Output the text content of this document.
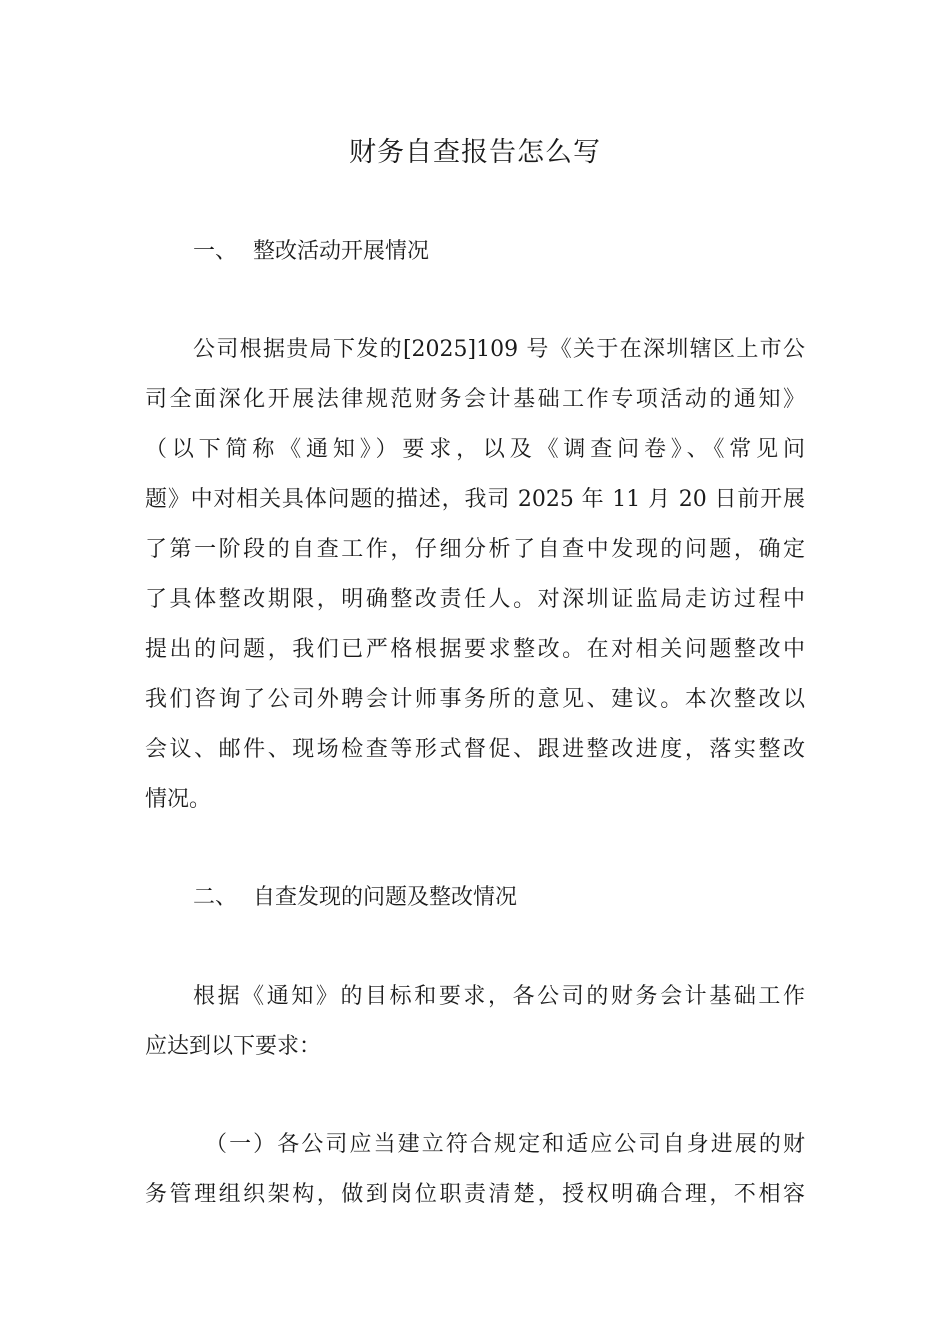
财务自查报告怎么写
一、 整改活动开展情况
公司根据贵局下发的[2025]109 号《关于在深圳辖区上市公
司全面深化开展法律规范财务会计基础工作专项活动的通知》
（以下简称《通知》）要求，以及《调查问卷》、《常见问
题》中对相关具体问题的描述，我司 2025 年 11 月 20 日前开展
了第一阶段的自查工作，仔细分析了自查中发现的问题，确定
了具体整改期限，明确整改责任人。对深圳证监局走访过程中
提出的问题，我们已严格根据要求整改。在对相关问题整改中
我们咨询了公司外聘会计师事务所的意见、建议。本次整改以
会议、邮件、现场检查等形式督促、跟进整改进度，落实整改
情况。
二、 自查发现的问题及整改情况
根据《通知》的目标和要求，各公司的财务会计基础工作
应达到以下要求：
（一）各公司应当建立符合规定和适应公司自身进展的财
务管理组织架构，做到岗位职责清楚，授权明确合理，不相容
